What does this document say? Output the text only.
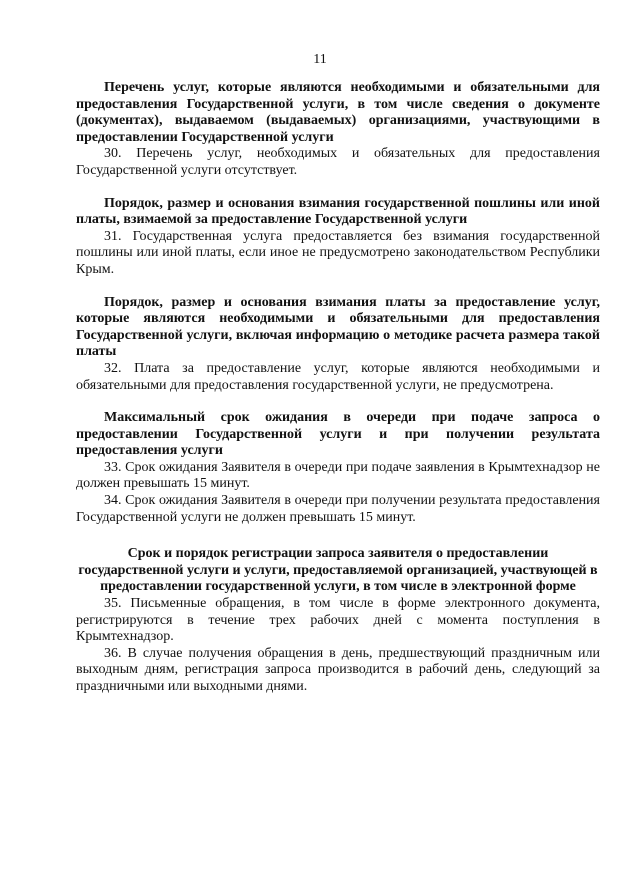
11

Перечень услуг, которые являются необходимыми и обязательными для предоставления Государственной услуги, в том числе сведения о документе (документах), выдаваемом (выдаваемых) организациями, участвующими в предоставлении Государственной услуги

30. Перечень услуг, необходимых и обязательных для предоставления Государственной услуги отсутствует.

Порядок, размер и основания взимания государственной пошлины или иной платы, взимаемой за предоставление Государственной услуги

31. Государственная услуга предоставляется без взимания государственной пошлины или иной платы, если иное не предусмотрено законодательством Республики Крым.

Порядок, размер и основания взимания платы за предоставление услуг, которые являются необходимыми и обязательными для предоставления Государственной услуги, включая информацию о методике расчета размера такой платы

32. Плата за предоставление услуг, которые являются необходимыми и обязательными для предоставления государственной услуги, не предусмотрена.

Максимальный срок ожидания в очереди при подаче запроса о предоставлении Государственной услуги и при получении результата предоставления услуги

33. Срок ожидания Заявителя в очереди при подаче заявления в Крымтехнадзор не должен превышать 15 минут.

34. Срок ожидания Заявителя в очереди при получении результата предоставления Государственной услуги не должен превышать 15 минут.

Срок и порядок регистрации запроса заявителя о предоставлении государственной услуги и услуги, предоставляемой организацией, участвующей в предоставлении государственной услуги, в том числе в электронной форме

35. Письменные обращения, в том числе в форме электронного документа, регистрируются в течение трех рабочих дней с момента поступления в Крымтехнадзор.

36. В случае получения обращения в день, предшествующий праздничным или выходным дням, регистрация запроса производится в рабочий день, следующий за праздничными или выходными днями.
